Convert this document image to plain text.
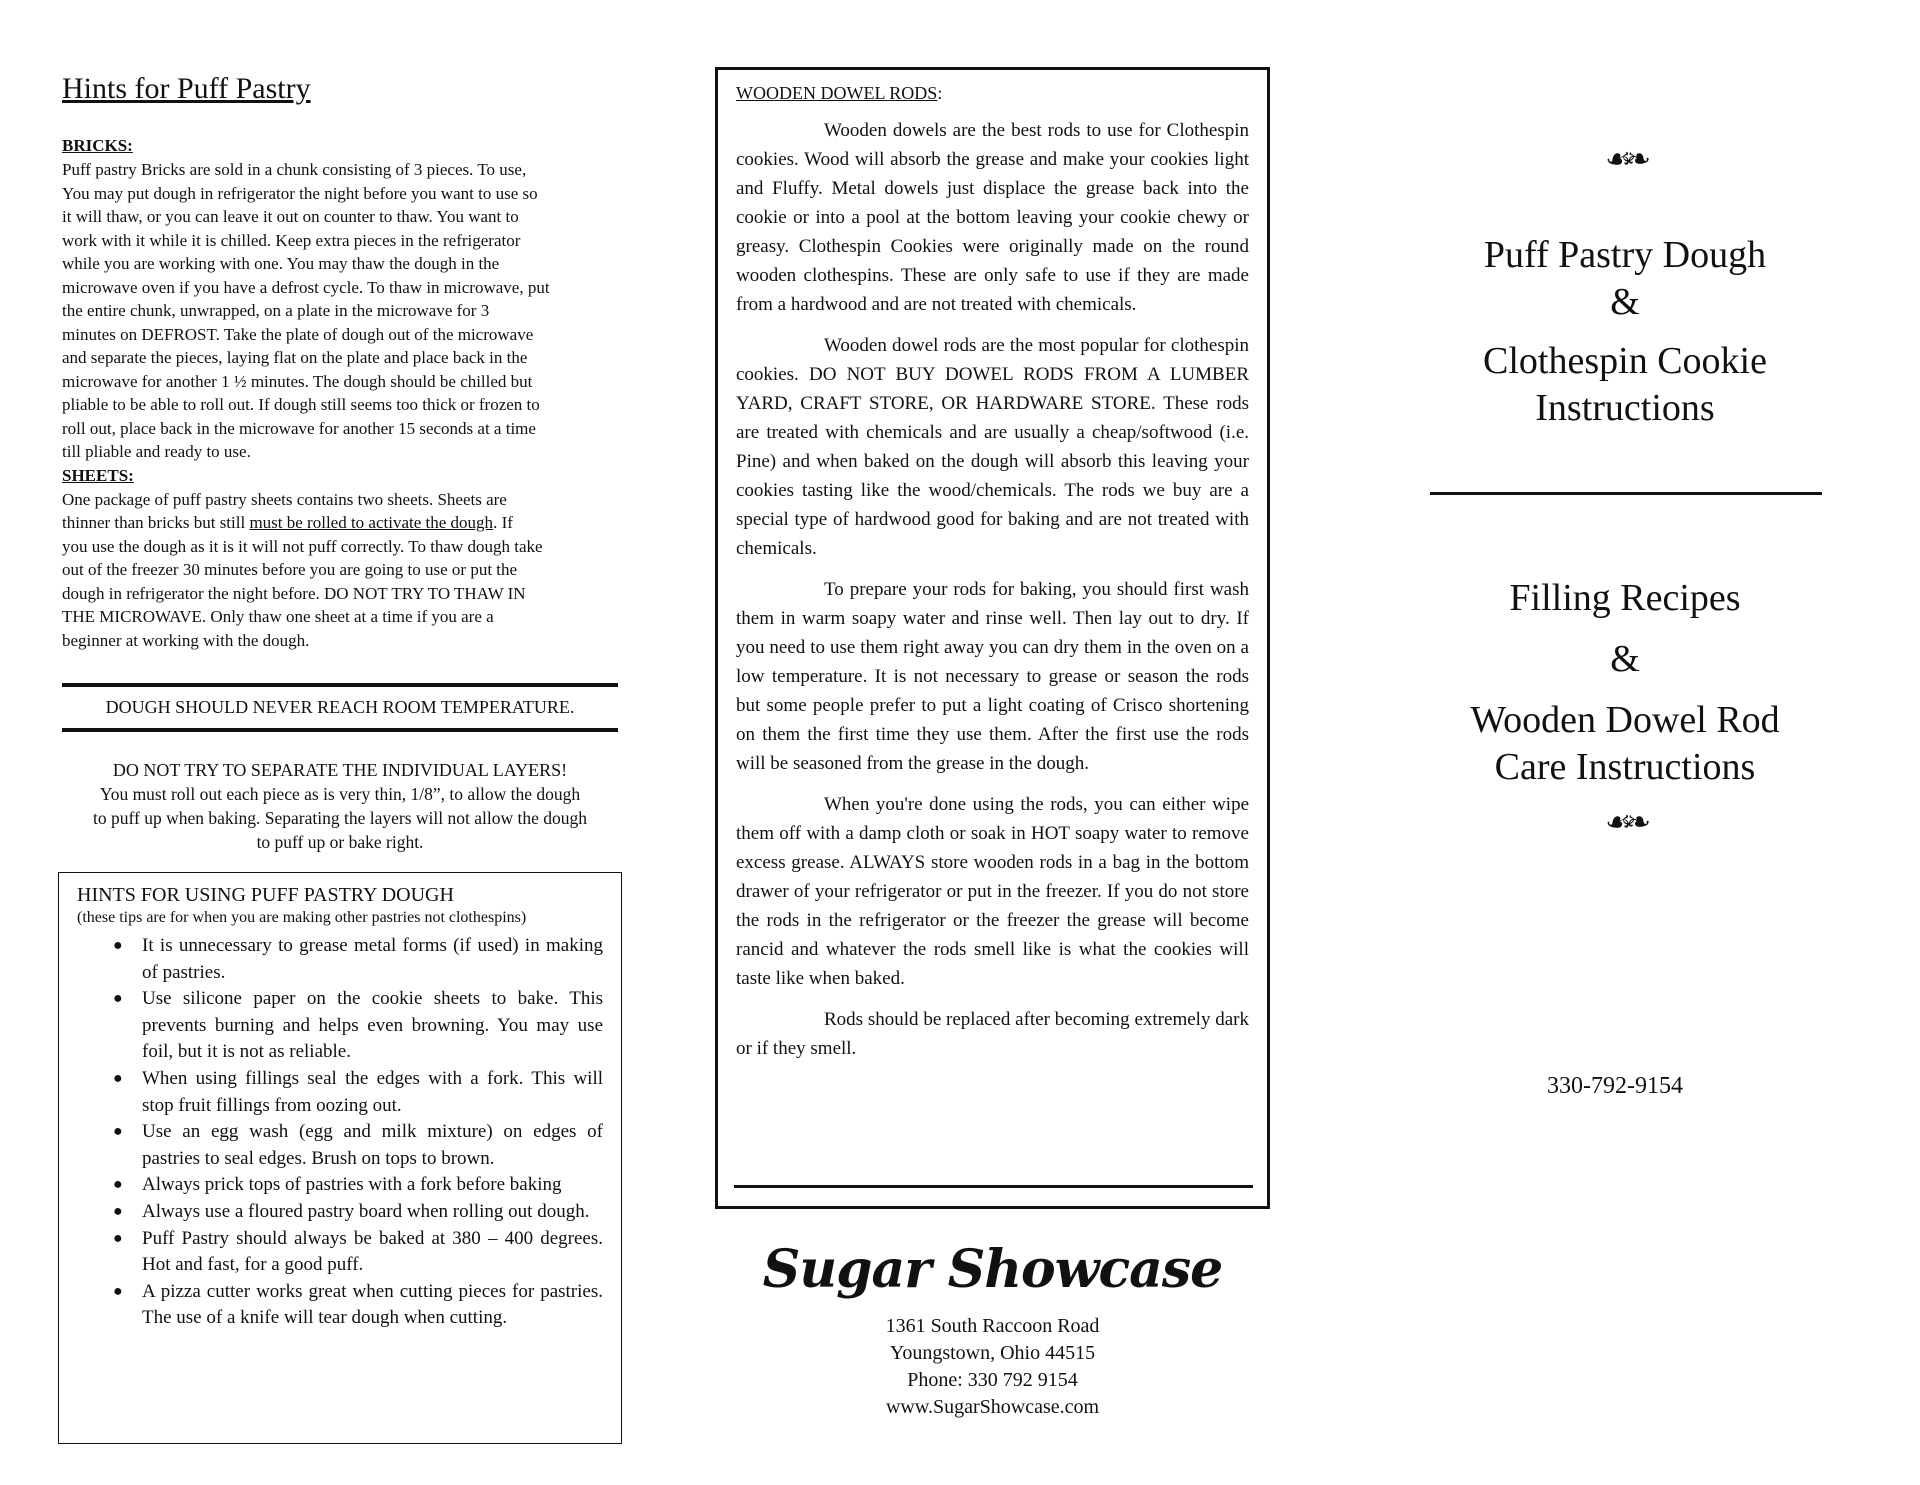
Hints for Puff Pastry

BRICKS:

Puff pastry Bricks are sold in a chunk consisting of 3 pieces. To use,

You may put dough in refrigerator the night before you want to use so

it will thaw, or you can leave it out on counter to thaw. You want to

work with it while it is chilled. Keep extra pieces in the refrigerator

while you are working with one. You may thaw the dough in the

microwave oven if you have a defrost cycle. To thaw in microwave, put

the entire chunk, unwrapped, on a plate in the microwave for 3

minutes on DEFROST. Take the plate of dough out of the microwave

and separate the pieces, laying flat on the plate and place back in the

microwave for another 1 ½ minutes. The dough should be chilled but

pliable to be able to roll out. If dough still seems too thick or frozen to

roll out, place back in the microwave for another 15 seconds at a time

till pliable and ready to use.

SHEETS:

One package of puff pastry sheets contains two sheets. Sheets are

thinner than bricks but still must be rolled to activate the dough. If

you use the dough as it is it will not puff correctly. To thaw dough take

out of the freezer 30 minutes before you are going to use or put the

dough in refrigerator the night before. DO NOT TRY TO THAW IN

THE MICROWAVE. Only thaw one sheet at a time if you are a

beginner at working with the dough.

DOUGH SHOULD NEVER REACH ROOM TEMPERATURE.
DO NOT TRY TO SEPARATE THE INDIVIDUAL LAYERS!
You must roll out each piece as is very thin, 1/8”, to allow the dough
to puff up when baking. Separating the layers will not allow the dough
to puff up or bake right.

HINTS FOR USING PUFF PASTRY DOUGH

(these tips are for when you are making other pastries not clothespins)

● It is unnecessary to grease metal forms (if used) in making of pastries.
● Use silicone paper on the cookie sheets to bake. This prevents burning and helps even browning. You may use foil, but it is not as reliable.
● When using fillings seal the edges with a fork. This will stop fruit fillings from oozing out.
● Use an egg wash (egg and milk mixture) on edges of pastries to seal edges. Brush on tops to brown.
● Always prick tops of pastries with a fork before baking
● Always use a floured pastry board when rolling out dough.
● Puff Pastry should always be baked at 380 – 400 degrees. Hot and fast, for a good puff.
● A pizza cutter works great when cutting pieces for pastries. The use of a knife will tear dough when cutting.

WOODEN DOWEL RODS:

Wooden dowels are the best rods to use for Clothespin cookies. Wood will absorb the grease and make your cookies light and Fluffy. Metal dowels just displace the grease back into the cookie or into a pool at the bottom leaving your cookie chewy or greasy. Clothespin Cookies were originally made on the round wooden clothespins. These are only safe to use if they are made from a hardwood and are not treated with chemicals.

Wooden dowel rods are the most popular for clothespin cookies. DO NOT BUY DOWEL RODS FROM A LUMBER YARD, CRAFT STORE, OR HARDWARE STORE. These rods are treated with chemicals and are usually a cheap/softwood (i.e. Pine) and when baked on the dough will absorb this leaving your cookies tasting like the wood/chemicals. The rods we buy are a special type of hardwood good for baking and are not treated with chemicals.

To prepare your rods for baking, you should first wash them in warm soapy water and rinse well. Then lay out to dry. If you need to use them right away you can dry them in the oven on a low temperature. It is not necessary to grease or season the rods but some people prefer to put a light coating of Crisco shortening on them the first time they use them. After the first use the rods will be seasoned from the grease in the dough.

When you're done using the rods, you can either wipe them off with a damp cloth or soak in HOT soapy water to remove excess grease. ALWAYS store wooden rods in a bag in the bottom drawer of your refrigerator or put in the freezer. If you do not store the rods in the refrigerator or the freezer the grease will become rancid and whatever the rods smell like is what the cookies will taste like when baked.

Rods should be replaced after becoming extremely dark or if they smell.

Sugar Showcase

1361 South Raccoon Road
Youngstown, Ohio 44515
Phone: 330 792 9154
www.SugarShowcase.com

☙❧

Puff Pastry Dough

&

Clothespin Cookie

Instructions

Filling Recipes

&

Wooden Dowel Rod

Care Instructions

☙❧

330-792-9154
